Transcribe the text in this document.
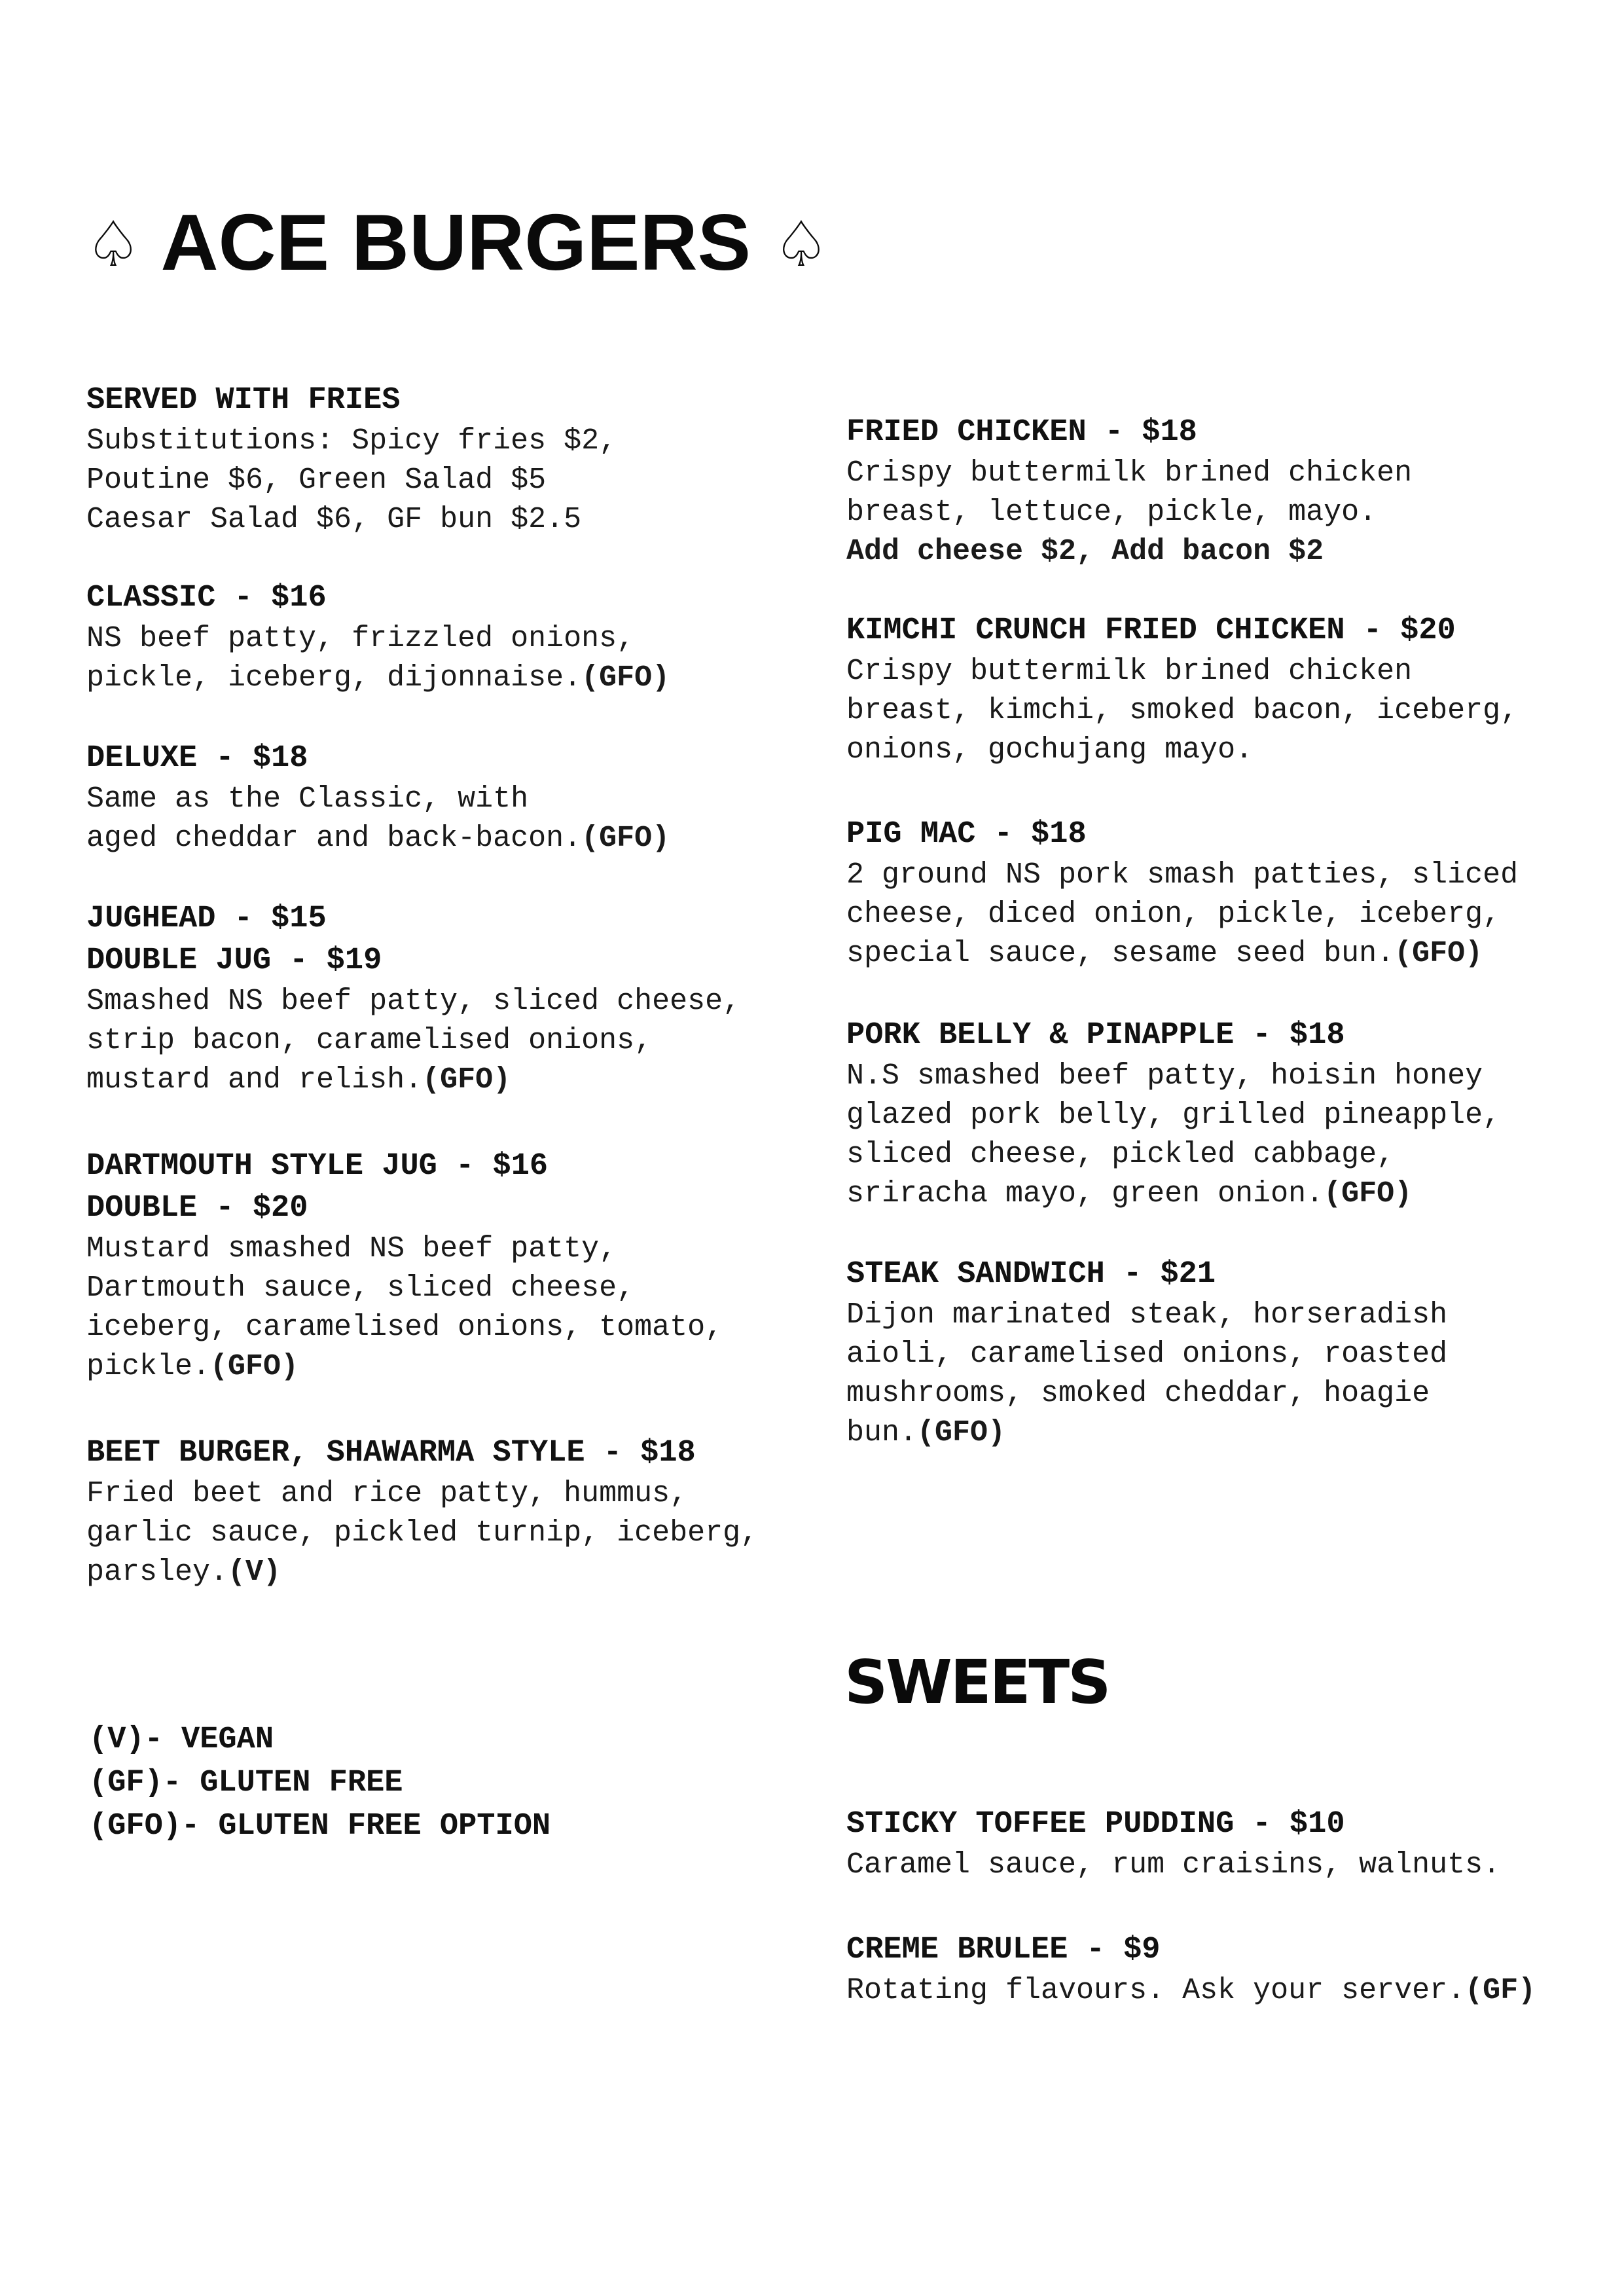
♤ ACE BURGERS ♤
SERVED WITH FRIES
Substitutions: Spicy fries $2,
Poutine $6, Green Salad $5
Caesar Salad $6, GF bun $2.5
CLASSIC - $16
NS beef patty, frizzled onions,
pickle, iceberg, dijonnaise.(GFO)
DELUXE - $18
Same as the Classic, with
aged cheddar and back-bacon.(GFO)
JUGHEAD - $15
DOUBLE JUG - $19
Smashed NS beef patty, sliced cheese,
strip bacon, caramelised onions,
mustard and relish.(GFO)
DARTMOUTH STYLE JUG - $16
DOUBLE - $20
Mustard smashed NS beef patty,
Dartmouth sauce, sliced cheese,
iceberg, caramelised onions, tomato,
pickle.(GFO)
BEET BURGER, SHAWARMA STYLE - $18
Fried beet and rice patty, hummus,
garlic sauce, pickled turnip, iceberg,
parsley.(V)
(V)- VEGAN
(GF)- GLUTEN FREE
(GFO)- GLUTEN FREE OPTION
FRIED CHICKEN - $18
Crispy buttermilk brined chicken
breast, lettuce, pickle, mayo.
Add cheese $2, Add bacon $2
KIMCHI CRUNCH FRIED CHICKEN - $20
Crispy buttermilk brined chicken
breast, kimchi, smoked bacon, iceberg,
onions, gochujang mayo.
PIG MAC - $18
2 ground NS pork smash patties, sliced
cheese, diced onion, pickle, iceberg,
special sauce, sesame seed bun.(GFO)
PORK BELLY & PINAPPLE - $18
N.S smashed beef patty, hoisin honey
glazed pork belly, grilled pineapple,
sliced cheese, pickled cabbage,
sriracha mayo, green onion.(GFO)
STEAK SANDWICH - $21
Dijon marinated steak, horseradish
aioli, caramelised onions, roasted
mushrooms, smoked cheddar, hoagie
bun.(GFO)
SWEETS
STICKY TOFFEE PUDDING - $10
Caramel sauce, rum craisins, walnuts.
CREME BRULEE - $9
Rotating flavours. Ask your server.(GF)
